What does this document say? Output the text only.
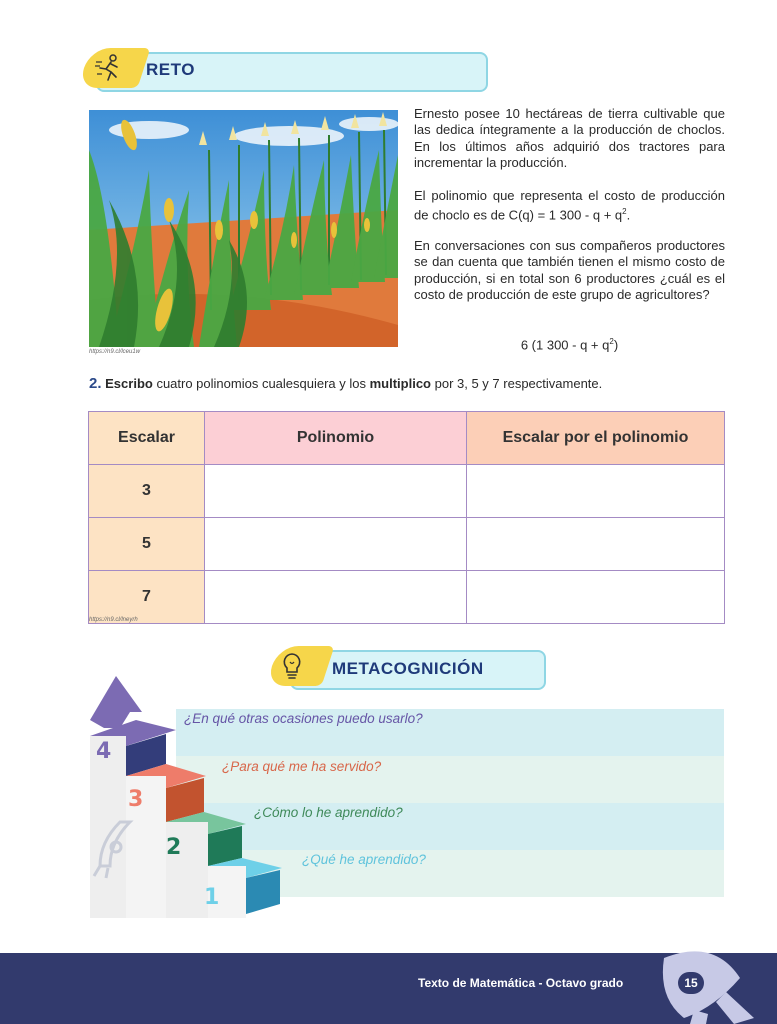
RETO
https://n9.cl/lceu1w
Ernesto posee 10 hectáreas de tierra cultivable que las dedica íntegramente a la producción de choclos. En los últimos años adquirió dos tractores para incrementar la producción.
El polinomio que representa el costo de producción de choclo es de C(q) = 1 $300 - q + q^2$.
En conversaciones con sus compañeros productores se dan cuenta que también tienen el mismo costo de producción, si en total son 6 productores ¿cuál es el costo de producción de este grupo de agricultores?
6 (1 $300 - q + q^2$)
2. Escribo cuatro polinomios cualesquiera y los multiplico por 3, 5 y 7 respectivamente.
Escalar	Polinomio	Escalar por el polinomio
3		
5		
7		
https://n9.cl/lneyrh
METACOGNICIÓN
¿En qué otras ocasiones puedo usarlo?
¿Para qué me ha servido?
¿Cómo lo he aprendido?
¿Qué he aprendido?
4
3
2
1
Texto de Matemática - Octavo grado	15
